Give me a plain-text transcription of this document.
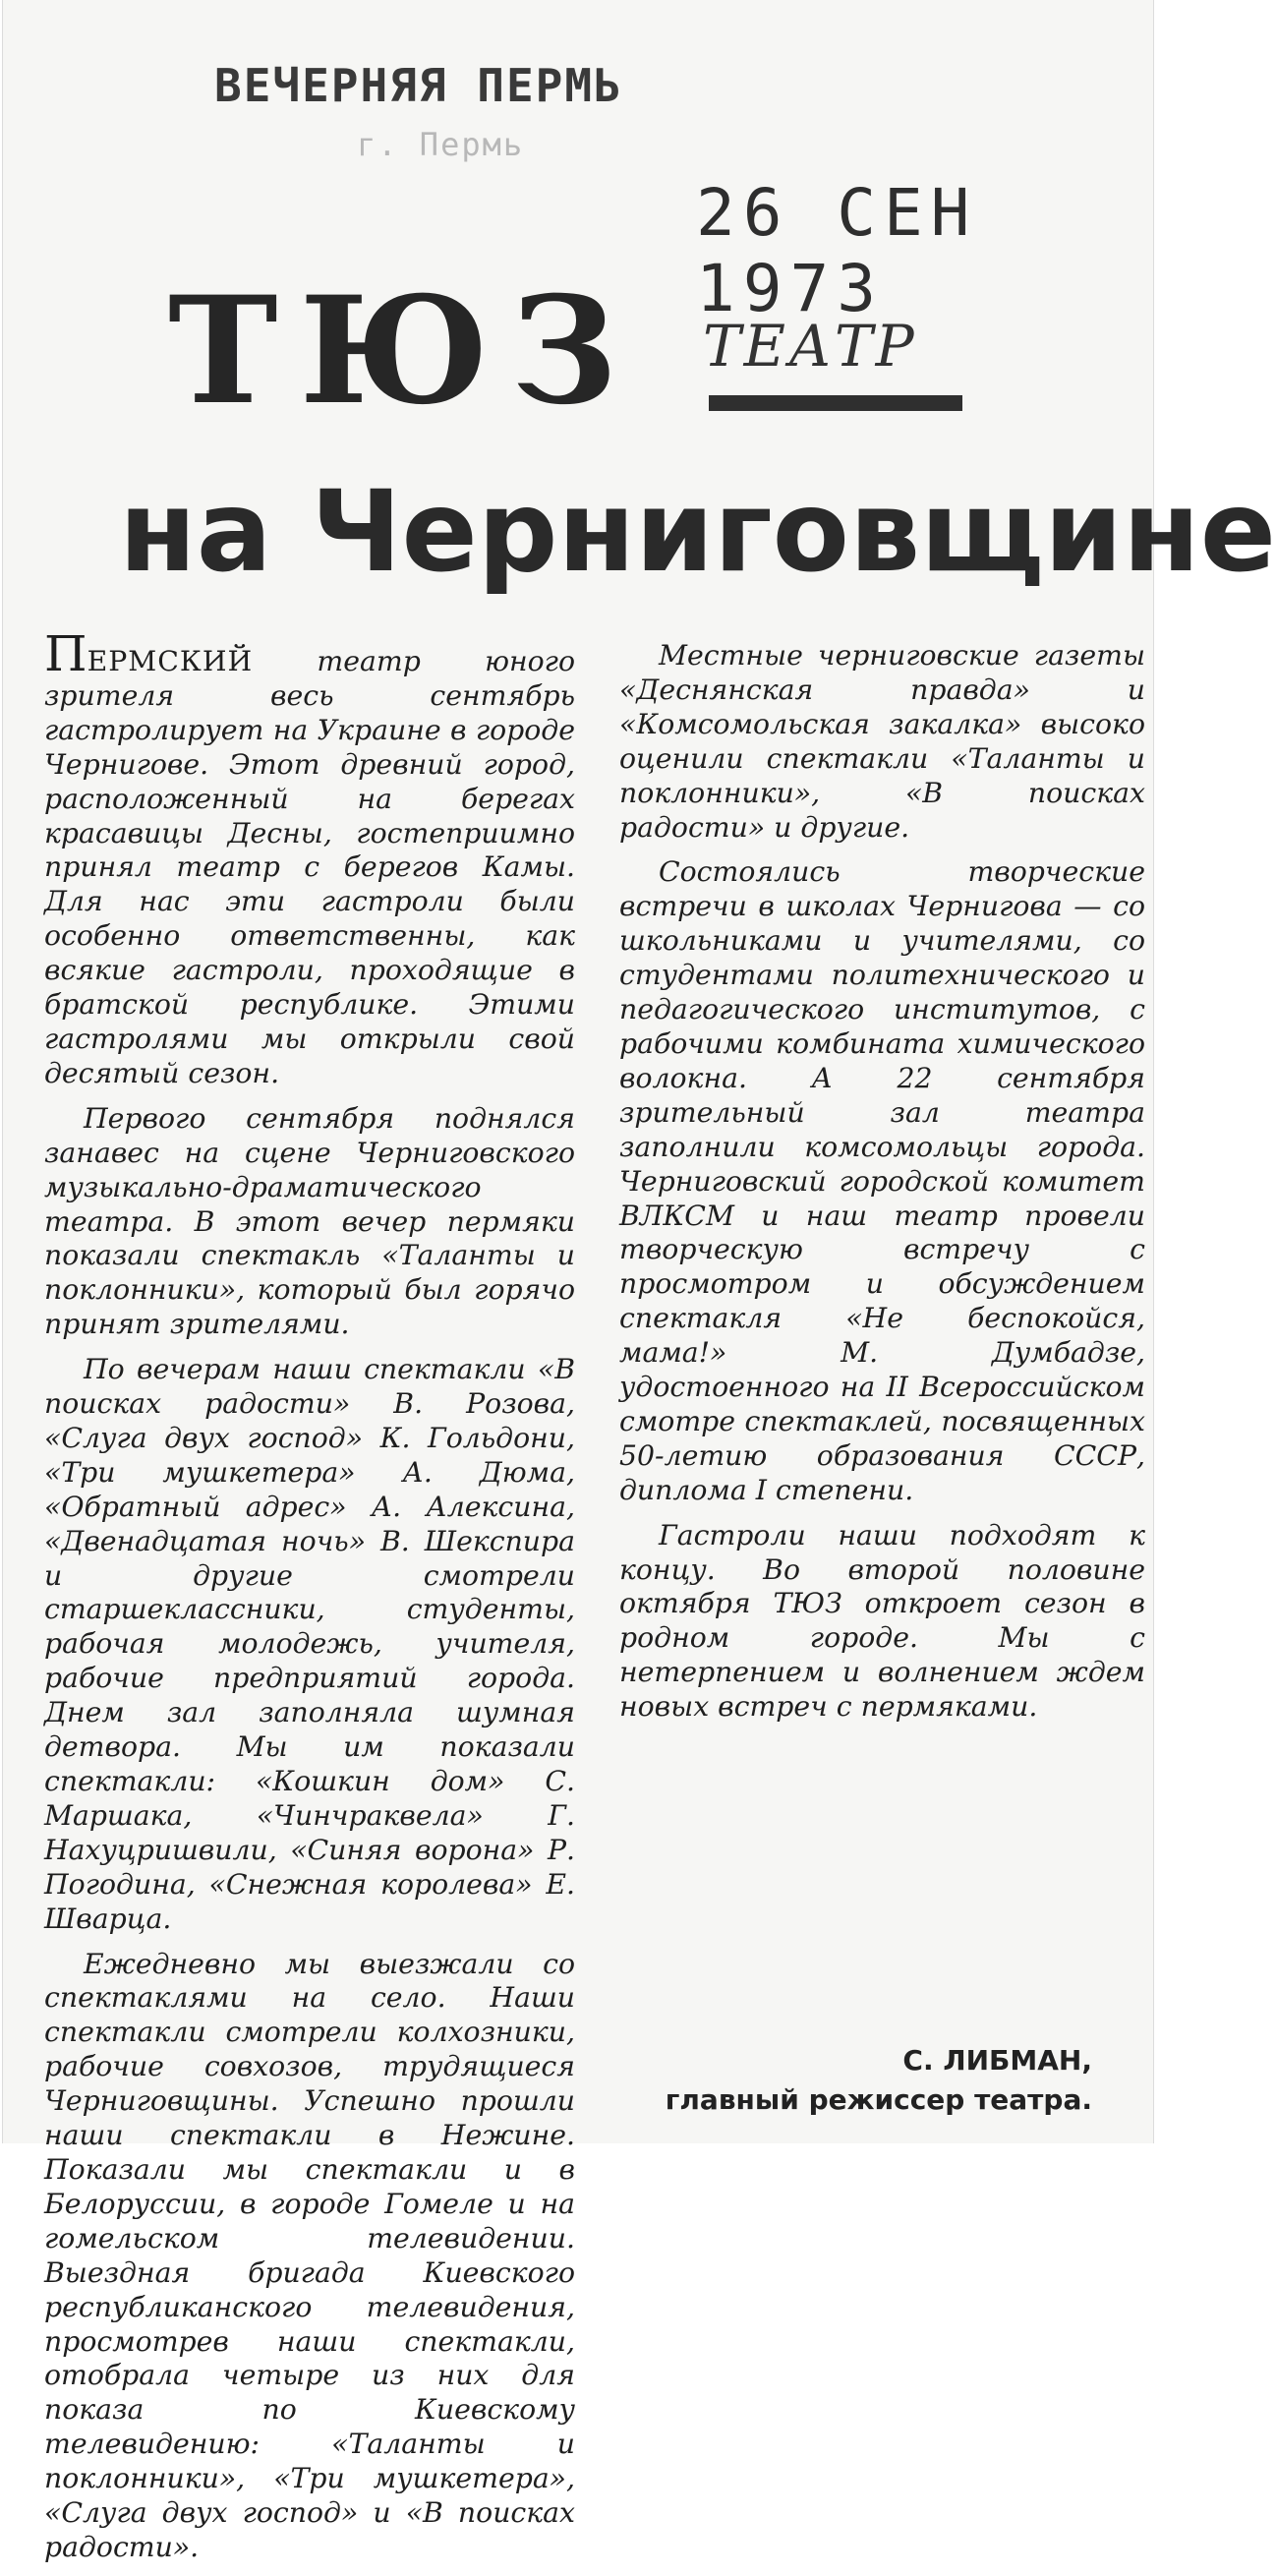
ВЕЧЕРНЯЯ ПЕРМЬ
г. Пермь
26 СЕН 1973
ТЮЗ ТЕАТР
на Черниговщине

ПЕРМСКИЙ театр юного зрителя весь сентябрь гастролирует на Украине в городе Чернигове. Этот древний город, расположенный на берегах красавицы Десны, гостеприимно принял театр с берегов Камы. Для нас эти гастроли были особенно ответственны, как всякие гастроли, проходящие в братской республике. Этими гастролями мы открыли свой десятый сезон.

Первого сентября поднялся занавес на сцене Черниговского музыкально-драматического театра. В этот вечер пермяки показали спектакль «Таланты и поклонники», который был горячо принят зрителями.

По вечерам наши спектакли «В поисках радости» В. Розова, «Слуга двух господ» К. Гольдони, «Три мушкетера» А. Дюма, «Обратный адрес» А. Алексина, «Двенадцатая ночь» В. Шекспира и другие смотрели старшеклассники, студенты, рабочая молодежь, учителя, рабочие предприятий города. Днем зал заполняла шумная детвора. Мы им показали спектакли: «Кошкин дом» С. Маршака, «Чинчраквела» Г. Нахуцришвили, «Синяя ворона» Р. Погодина, «Снежная королева» Е. Шварца.

Ежедневно мы выезжали со спектаклями на село. Наши спектакли смотрели колхозники, рабочие совхозов, трудящиеся Черниговщины. Успешно прошли наши спектакли в Нежине. Показали мы спектакли и в Белоруссии, в городе Гомеле и на гомельском телевидении. Выездная бригада Киевского республиканского телевидения, просмотрев наши спектакли, отобрала четыре из них для показа по Киевскому телевидению: «Таланты и поклонники», «Три мушкетера», «Слуга двух господ» и «В поисках радости».

Местные черниговские газеты «Деснянская правда» и «Комсомольская закалка» высоко оценили спектакли «Таланты и поклонники», «В поисках радости» и другие.

Состоялись творческие встречи в школах Чернигова — со школьниками и учителями, со студентами политехнического и педагогического институтов, с рабочими комбината химического волокна. А 22 сентября зрительный зал театра заполнили комсомольцы города. Черниговский городской комитет ВЛКСМ и наш театр провели творческую встречу с просмотром и обсуждением спектакля «Не беспокойся, мама!» М. Думбадзе, удостоенного на II Всероссийском смотре спектаклей, посвященных 50-летию образования СССР, диплома I степени.

Гастроли наши подходят к концу. Во второй половине октября ТЮЗ откроет сезон в родном городе. Мы с нетерпением и волнением ждем новых встреч с пермяками.

С. ЛИБМАН,
главный режиссер театра.
